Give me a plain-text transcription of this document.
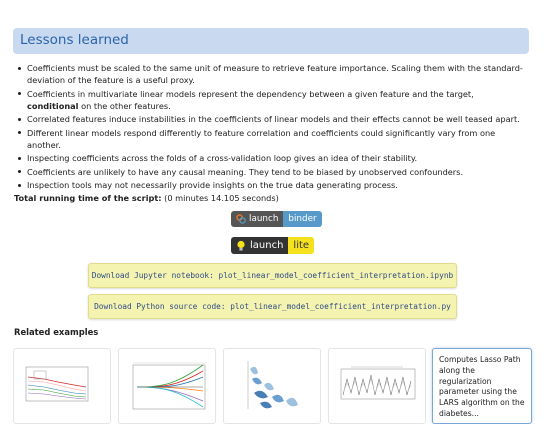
Lessons learned
Coefficients must be scaled to the same unit of measure to retrieve feature importance. Scaling them with the standard-deviation of the feature is a useful proxy.
Coefficients in multivariate linear models represent the dependency between a given feature and the target, conditional on the other features.
Correlated features induce instabilities in the coefficients of linear models and their effects cannot be well teased apart.
Different linear models respond differently to feature correlation and coefficients could significantly vary from one another.
Inspecting coefficients across the folds of a cross-validation loop gives an idea of their stability.
Coefficients are unlikely to have any causal meaning. They tend to be biased by unobserved confounders.
Inspection tools may not necessarily provide insights on the true data generating process.
Total running time of the script: (0 minutes 14.105 seconds)
launch	binder
launch	lite
Download Jupyter notebook: plot_linear_model_coefficient_interpretation.ipynb
Download Python source code: plot_linear_model_coefficient_interpretation.py
Related examples
Computes Lasso Path along the regularization parameter using the LARS algorithm on the diabetes...
